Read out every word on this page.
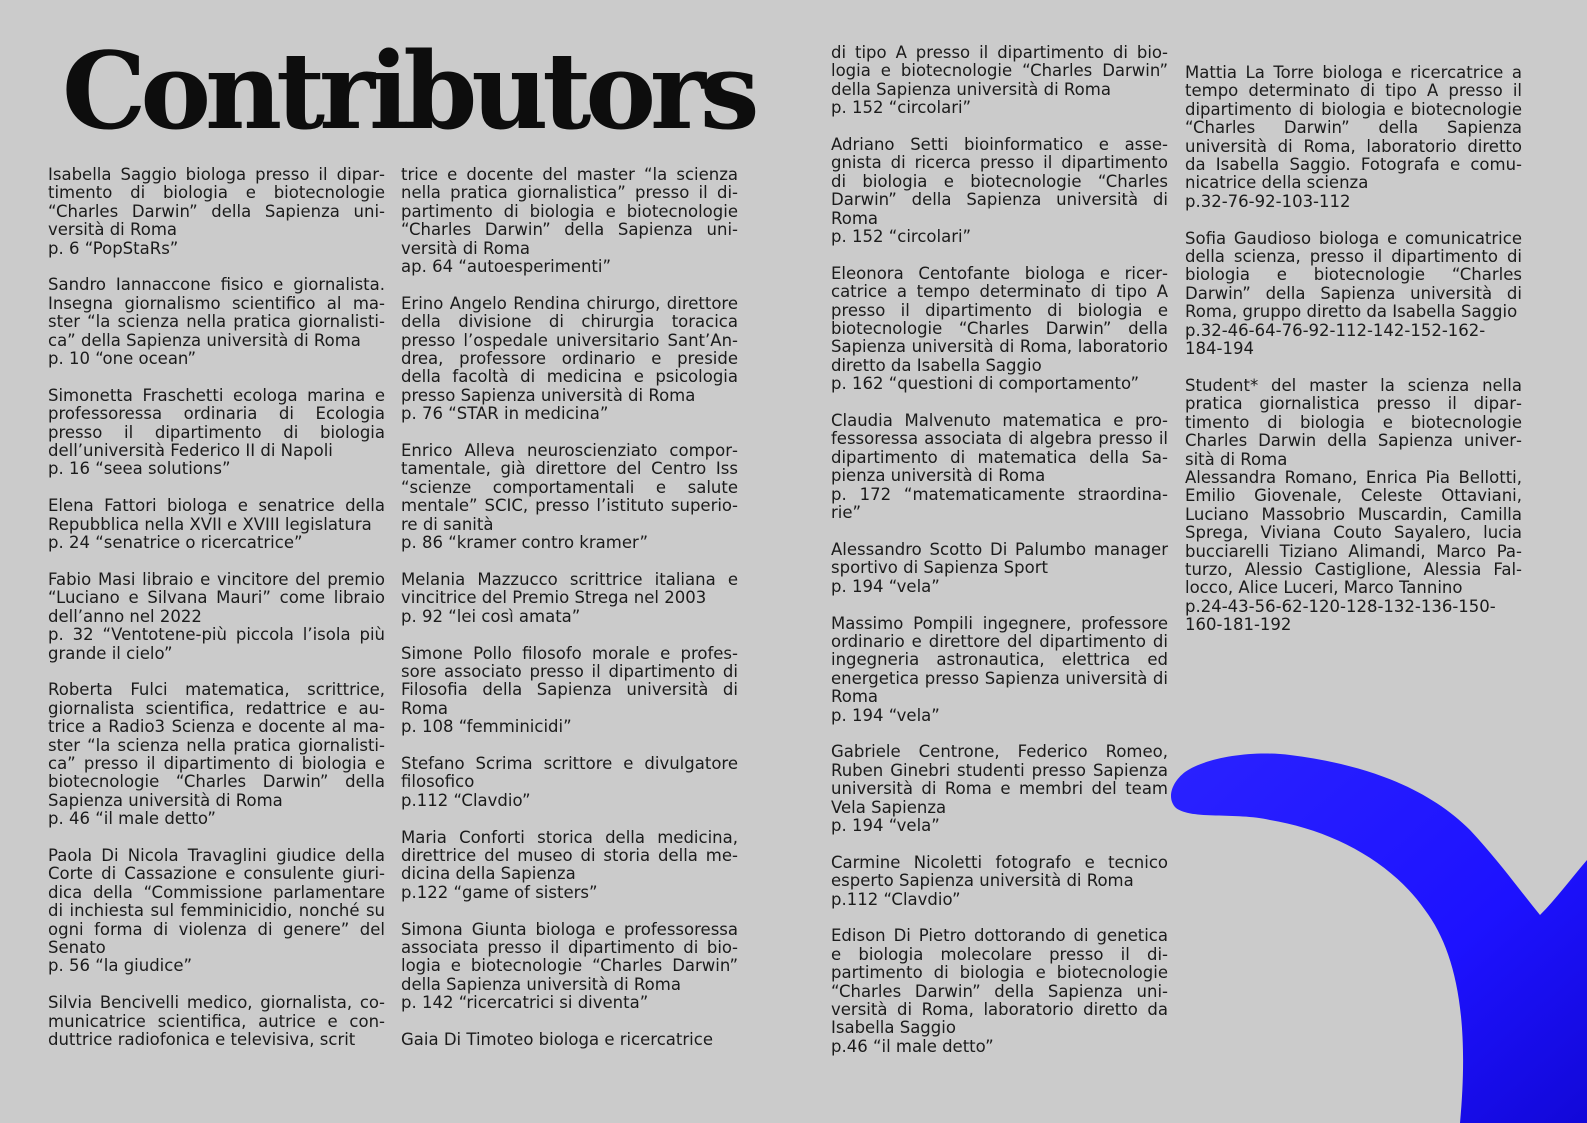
Contributors

Isabella Saggio biologa presso il dipartimento di biologia e biotecnologie “Charles Darwin” della Sapienza università di Roma

p. 6 “PopStaRs”

Sandro Iannaccone fisico e giornalista. Insegna giornalismo scientifico al master “la scienza nella pratica giornalistica” della Sapienza università di Roma

p. 10 “one ocean”

Simonetta Fraschetti ecologa marina e professoressa ordinaria di Ecologia presso il dipartimento di biologia dell’università Federico II di Napoli

p. 16 “seea solutions”

Elena Fattori biologa e senatrice della Repubblica nella XVII e XVIII legislatura

p. 24 “senatrice o ricercatrice”

Fabio Masi libraio e vincitore del premio “Luciano e Silvana Mauri” come libraio dell’anno nel 2022

p. 32 “Ventotene-più piccola l’isola più grande il cielo”

Roberta Fulci matematica, scrittrice, giornalista scientifica, redattrice e autrice a Radio3 Scienza e docente al master “la scienza nella pratica giornalistica” presso il dipartimento di biologia e biotecnologie “Charles Darwin” della Sapienza università di Roma

p. 46 “il male detto”

Paola Di Nicola Travaglini giudice della Corte di Cassazione e consulente giuridica della “Commissione parlamentare di inchiesta sul femminicidio, nonché su ogni forma di violenza di genere” del Senato

p. 56 “la giudice”

Silvia Bencivelli medico, giornalista, comunicatrice scientifica, autrice e conduttrice radiofonica e televisiva, scrit

trice e docente del master “la scienza nella pratica giornalistica” presso il dipartimento di biologia e biotecnologie “Charles Darwin” della Sapienza università di Roma

ap. 64 “autoesperimenti”

Erino Angelo Rendina chirurgo, direttore della divisione di chirurgia toracica presso l’ospedale universitario Sant’Andrea, professore ordinario e preside della facoltà di medicina e psicologia presso Sapienza università di Roma

p. 76 “STAR in medicina”

Enrico Alleva neuroscienziato comportamentale, già direttore del Centro Iss “scienze comportamentali e salute mentale” SCIC, presso l’istituto superiore di sanità

p. 86 “kramer contro kramer”

Melania Mazzucco scrittrice italiana e vincitrice del Premio Strega nel 2003

p. 92 “lei così amata”

Simone Pollo filosofo morale e professore associato presso il dipartimento di Filosofia della Sapienza università di Roma

p. 108 “femminicidi”

Stefano Scrima scrittore e divulgatore filosofico

p.112 “Clavdio”

Maria Conforti storica della medicina, direttrice del museo di storia della medicina della Sapienza

p.122 “game of sisters”

Simona Giunta biologa e professoressa associata presso il dipartimento di biologia e biotecnologie “Charles Darwin” della Sapienza università di Roma

p. 142 “ricercatrici si diventa”

Gaia Di Timoteo biologa e ricercatrice

di tipo A presso il dipartimento di biologia e biotecnologie “Charles Darwin” della Sapienza università di Roma

p. 152 “circolari”

Adriano Setti bioinformatico e assegnista di ricerca presso il dipartimento di biologia e biotecnologie “Charles Darwin” della Sapienza università di Roma

p. 152 “circolari”

Eleonora Centofante biologa e ricercatrice a tempo determinato di tipo A presso il dipartimento di biologia e biotecnologie “Charles Darwin” della Sapienza università di Roma, laboratorio diretto da Isabella Saggio

p. 162 “questioni di comportamento”

Claudia Malvenuto matematica e professoressa associata di algebra presso il dipartimento di matematica della Sapienza università di Roma

p. 172 “matematicamente straordinarie”

Alessandro Scotto Di Palumbo manager sportivo di Sapienza Sport

p. 194 “vela”

Massimo Pompili ingegnere, professore ordinario e direttore del dipartimento di ingegneria astronautica, elettrica ed energetica presso Sapienza università di Roma

p. 194 “vela”

Gabriele Centrone, Federico Romeo, Ruben Ginebri studenti presso Sapienza università di Roma e membri del team Vela Sapienza

p. 194 “vela”

Carmine Nicoletti fotografo e tecnico esperto Sapienza università di Roma

p.112 “Clavdio”

Edison Di Pietro dottorando di genetica e biologia molecolare presso il dipartimento di biologia e biotecnologie “Charles Darwin” della Sapienza università di Roma, laboratorio diretto da Isabella Saggio

p.46 “il male detto”

Mattia La Torre biologa e ricercatrice a tempo determinato di tipo A presso il dipartimento di biologia e biotecnologie “Charles Darwin” della Sapienza università di Roma, laboratorio diretto da Isabella Saggio. Fotografa e comunicatrice della scienza

p.32-76-92-103-112

Sofia Gaudioso biologa e comunicatrice della scienza, presso il dipartimento di biologia e biotecnologie “Charles Darwin” della Sapienza università di Roma, gruppo diretto da Isabella Saggio

p.32-46-64-76-92-112-142-152-162-184-194

Student* del master la scienza nella pratica giornalistica presso il dipartimento di biologia e biotecnologie Charles Darwin della Sapienza università di Roma

Alessandra Romano, Enrica Pia Bellotti, Emilio Giovenale, Celeste Ottaviani, Luciano Massobrio Muscardin, Camilla Sprega, Viviana Couto Sayalero, lucia bucciarelli Tiziano Alimandi, Marco Paturzo, Alessio Castiglione, Alessia Fallocco, Alice Luceri, Marco Tannino

p.24-43-56-62-120-128-132-136-150-160-181-192
